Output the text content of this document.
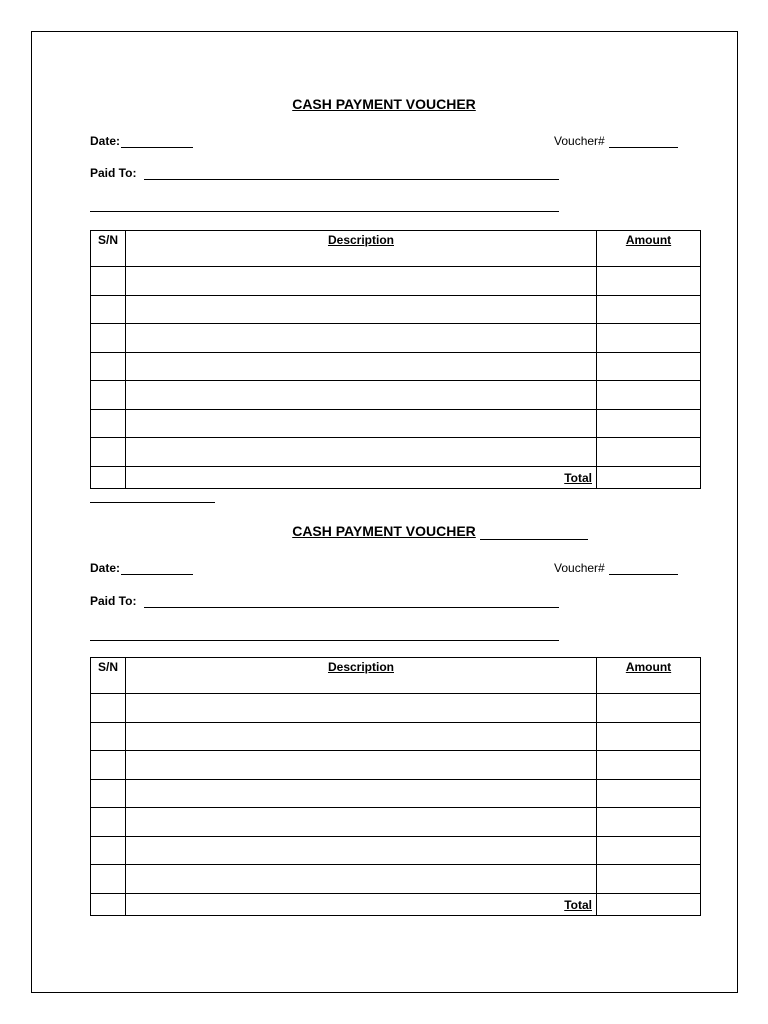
CASH PAYMENT VOUCHER
Date:	Voucher#
Paid To:
S/N	Description	Amount

	Total	
CASH PAYMENT VOUCHER
Date:	Voucher#
Paid To:
S/N	Description	Amount

	Total	
